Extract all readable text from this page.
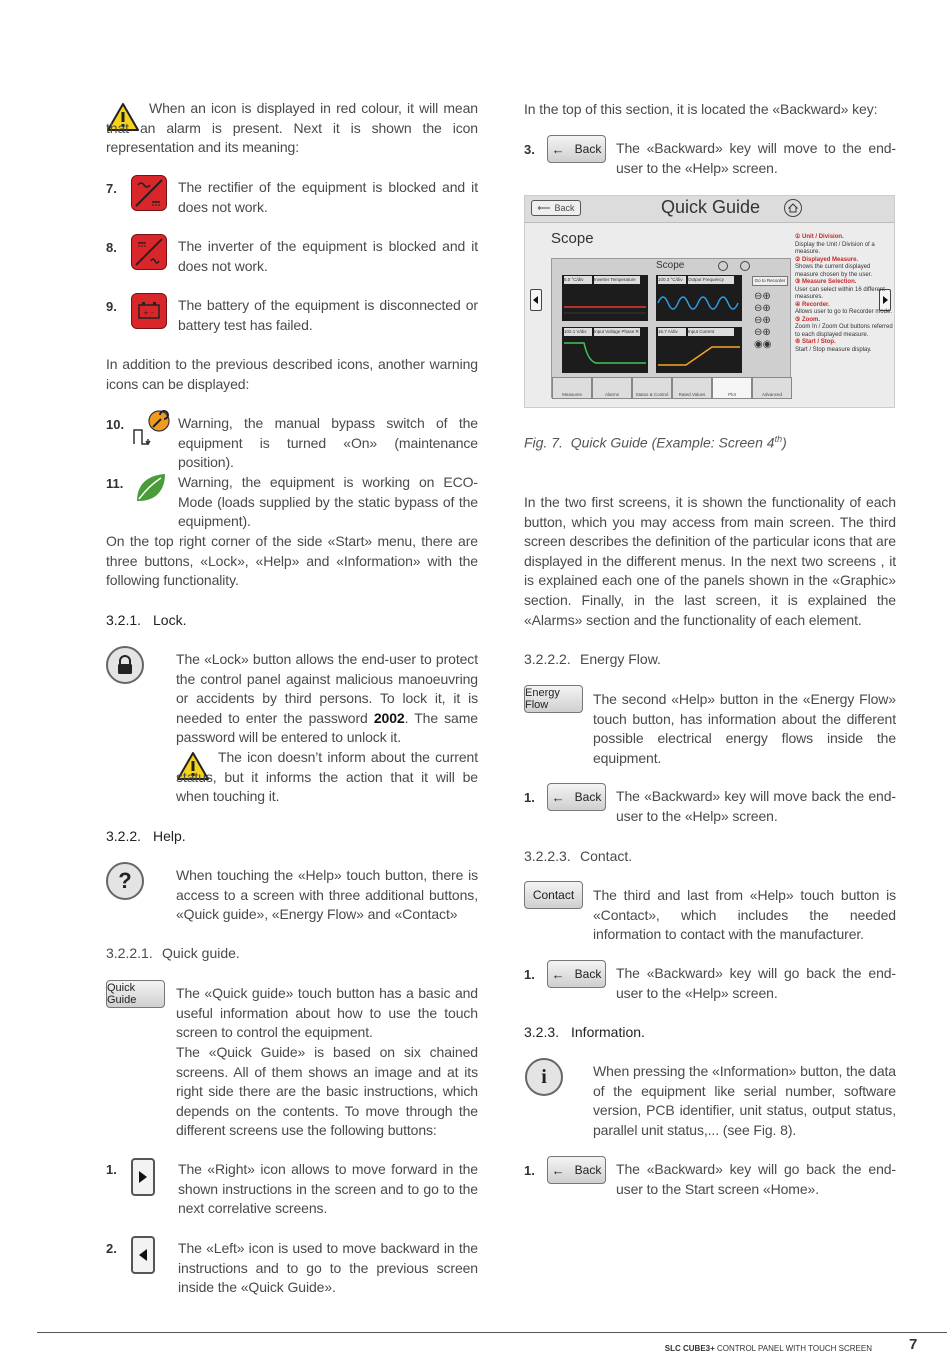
When an icon is displayed in red colour, it will mean that an alarm is present. Next it is shown the icon representation and its meaning:
7.	The rectifier of the equipment is blocked and it does not work.
8.	The inverter of the equipment is blocked and it does not work.
9.	+ - The battery of the equipment is disconnected or battery test has failed.
In addition to the previous described icons, another warning icons can be displayed:
10.	Warning, the manual bypass switch of the equipment is turned «On» (maintenance position).
11.	Warning, the equipment is working on ECO-Mode (loads supplied by the static bypass of the equipment).
On the top right corner of the side «Start» menu, there are three buttons, «Lock», «Help» and «Information» with the following functionality.
3.2.1. Lock.
The «Lock» button allows the end-user to protect the control panel against malicious manoeuvring or accidents by third persons. To lock it, it is needed to enter the password 2002. The same password will be entered to unlock it.
The icon doesn’t inform about the current status, but it informs the action that it will be when touching it.
3.2.2. Help.
?	When touching the «Help» touch button, there is access to a screen with three additional buttons, «Quick guide», «Energy Flow» and «Contact»
3.2.2.1. Quick guide.
Quick Guide	The «Quick guide» touch button has a basic and useful information about how to use the touch screen to control the equipment.
The «Quick Guide» is based on six chained screens. All of them shows an image and at its right side there are the basic instructions, which depends on the contents. To move through the different screens use the following buttons:
1.	The «Right» icon allows to move forward in the shown instructions in the screen and to go to the next correlative screens.
2.	The «Left» icon is used to move backward in the instructions and to go to the previous screen inside the «Quick Guide».
In the top of this section, it is located the «Backward» key:
3. ← Back The «Backward» key will move to the end-user to the «Help» screen.
⟵ Back	Quick Guide
Scope
Scope
5.0 °C/div	Inverter Temperature	100.3 °C/div	Output Frequency
102.1 V/div	Input Voltage Phase R	16.7 A/div	Input Current
Go to Recorder
⊖⊕
⊖⊕
⊖⊕
⊖⊕
◉◉
Measures	Alarms	Status & Control	Rated Values	Plot	Advanced
① Unit / Division.
Display the Unit / Division of a measure.
② Displayed Measure.
Shows the current displayed measure chosen by the user.
③ Measure Selection.
User can select within 16 different measures.
④ Recorder.
Allows user to go to Recorder mode.
⑤ Zoom.
Zoom In / Zoom Out buttons referred to each displayed measure.
⑥ Start / Stop.
Start / Stop measure display.
Fig. 7. Quick Guide (Example: Screen 4th)
In the two first screens, it is shown the functionality of each button, which you may access from main screen. The third screen describes the definition of the particular icons that are displayed in the different menus. In the next two screens , it is explained each one of the panels shown in the «Graphic» section. Finally, in the last screen, it is explained the «Alarms» section and the functionality of each element.
3.2.2.2. Energy Flow.
Energy Flow	The second «Help» button in the «Energy Flow» touch button, has information about the different possible electrical energy flows inside the equipment.
1. ← Back The «Backward» key will move back the end-user to the «Help» screen.
3.2.2.3. Contact.
Contact	The third and last from «Help» touch button is «Contact», which includes the needed information to contact with the manufacturer.
1. ← Back The «Backward» key will go back the end-user to the «Help» screen.
3.2.3. Information.
i	When pressing the «Information» button, the data of the equipment like serial number, software version, PCB identifier, unit status, output status, parallel unit status,... (see Fig. 8).
1. ← Back The «Backward» key will go back the end-user to the Start screen «Home».
SLC CUBE3+ CONTROL PANEL WITH TOUCH SCREEN 7
